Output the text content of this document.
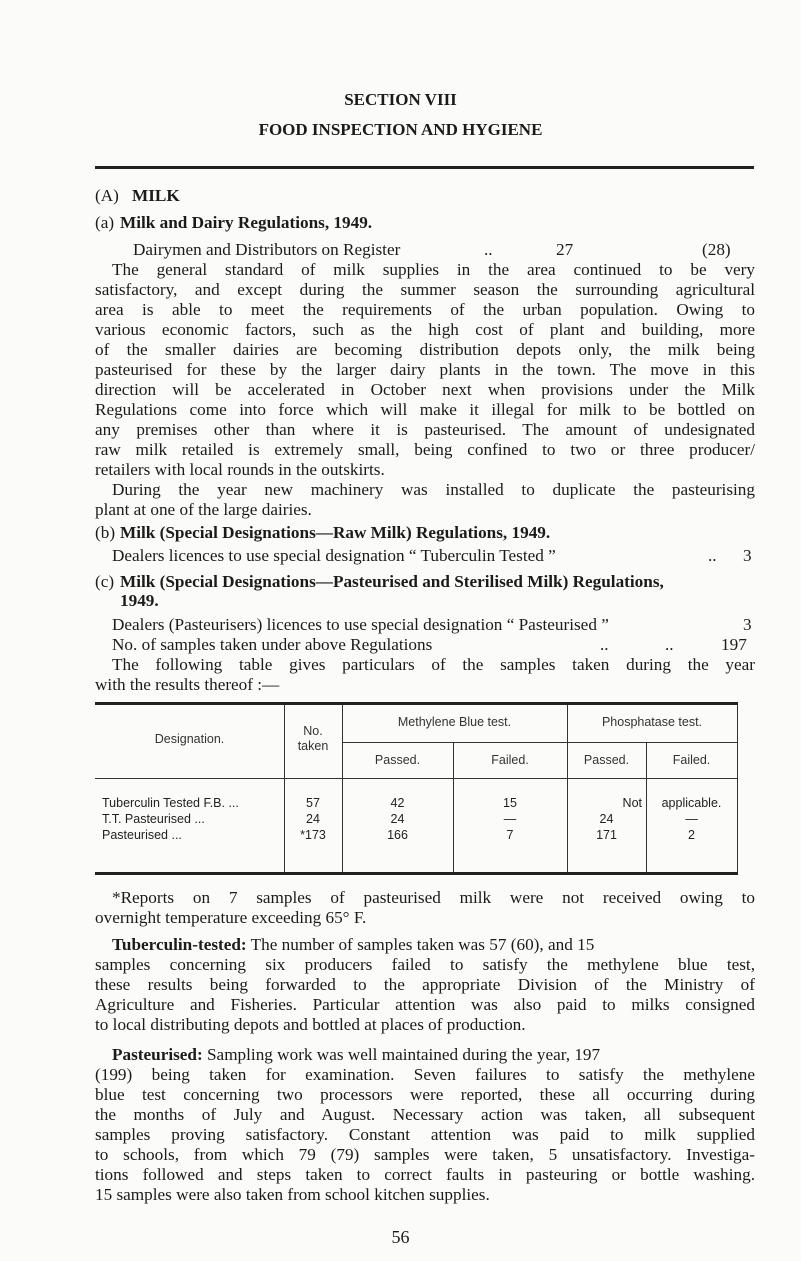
SECTION VIII
FOOD INSPECTION AND HYGIENE
(A) MILK
(a) Milk and Dairy Regulations, 1949.
Dairymen and Distributors on Register	..	27	(28)
The general standard of milk supplies in the area continued to be very
satisfactory, and except during the summer season the surrounding agricultural
area is able to meet the requirements of the urban population. Owing to
various economic factors, such as the high cost of plant and building, more
of the smaller dairies are becoming distribution depots only, the milk being
pasteurised for these by the larger dairy plants in the town. The move in this
direction will be accelerated in October next when provisions under the Milk
Regulations come into force which will make it illegal for milk to be bottled on
any premises other than where it is pasteurised. The amount of undesignated
raw milk retailed is extremely small, being confined to two or three producer/
retailers with local rounds in the outskirts.
During the year new machinery was installed to duplicate the pasteurising
plant at one of the large dairies.
(b) Milk (Special Designations—Raw Milk) Regulations, 1949.
Dealers licences to use special designation “ Tuberculin Tested ”	.. 3
(c) Milk (Special Designations—Pasteurised and Sterilised Milk) Regulations,
1949.
Dealers (Pasteurisers) licences to use special designation “ Pasteurised ”	3
No. of samples taken under above Regulations	..	..	197
The following table gives particulars of the samples taken during the year
Designation.
No.
taken
Methylene Blue test.	Phosphatase test.
Passed.	Failed.	Passed.	Failed.
Tuberculin Tested F.B. ...	57	42	15	Not	applicable.
T.T. Pasteurised ...	24	24	—	24	—
Pasteurised ...	*173	166	7	171	2
with the results thereof :—
*Reports on 7 samples of pasteurised milk were not received owing to
overnight temperature exceeding 65° F.
Tuberculin-tested: The number of samples taken was 57 (60), and 15
samples concerning six producers failed to satisfy the methylene blue test,
these results being forwarded to the appropriate Division of the Ministry of
Agriculture and Fisheries. Particular attention was also paid to milks consigned
to local distributing depots and bottled at places of production.
Pasteurised: Sampling work was well maintained during the year, 197
(199) being taken for examination. Seven failures to satisfy the methylene
blue test concerning two processors were reported, these all occurring during
the months of July and August. Necessary action was taken, all subsequent
samples proving satisfactory. Constant attention was paid to milk supplied
to schools, from which 79 (79) samples were taken, 5 unsatisfactory. Investiga-
tions followed and steps taken to correct faults in pasteuring or bottle washing.
15 samples were also taken from school kitchen supplies.
56
